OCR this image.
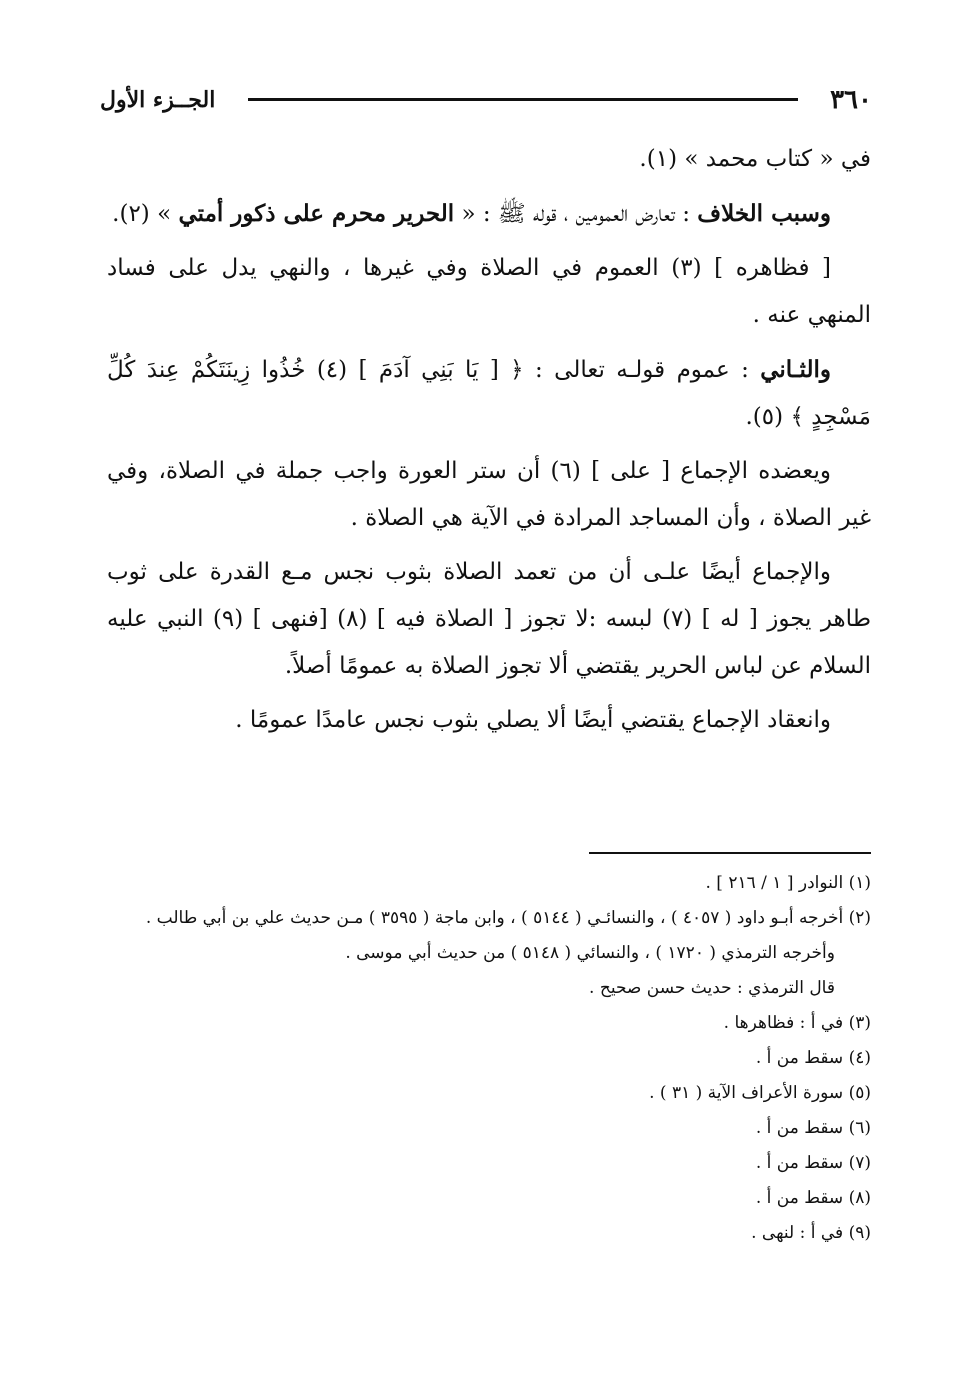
٣٦٠
الجــزء الأول

في « كتاب محمد » (١).

وسبب الخلاف : تعارض العمومين ، قوله ﷺ : « الحرير محرم على ذكور أمتي » (٢).

[ فظاهره ] (٣) العموم في الصلاة وفي غيرها ، والنهي يدل على فساد المنهي عنه .

والثـاني : عموم قولـه تعالى : ﴿ [ يَا بَنِي آدَمَ ] (٤) خُذُوا زِينَتَكُمْ عِندَ كُلِّ مَسْجِدٍ ﴾ (٥).

ويعضده الإجماع [ على ] (٦) أن ستر العورة واجب جملة في الصلاة، وفي غير الصلاة ، وأن المساجد المرادة في الآية هي الصلاة .

والإجماع أيضًا علـى أن من تعمد الصلاة بثوب نجس مـع القدرة على ثوب طاهر يجوز [ له ] (٧) لبسه :لا تجوز [ الصلاة فيه ] (٨) [فنهى ] (٩) النبي عليه السلام عن لباس الحرير يقتضي ألا تجوز الصلاة به عمومًا أصلاً.

وانعقاد الإجماع يقتضي أيضًا ألا يصلي بثوب نجس عامدًا عمومًا .

(١) النوادر [ ١ / ٢١٦ ] .

(٢) أخرجه أبـو داود ( ٤٠٥٧ ) ، والنسائـي ( ٥١٤٤ ) ، وابن ماجة ( ٣٥٩٥ ) مـن حديث علي بن أبي طالب .

وأخرجه الترمذي ( ١٧٢٠ ) ، والنسائي ( ٥١٤٨ ) من حديث أبي موسى .

قال الترمذي : حديث حسن صحيح .

(٣) في أ : فظاهرها .

(٤) سقط من أ .

(٥) سورة الأعراف الآية ( ٣١ ) .

(٦) سقط من أ .

(٧) سقط من أ .

(٨) سقط من أ .

(٩) في أ : لنهى .
